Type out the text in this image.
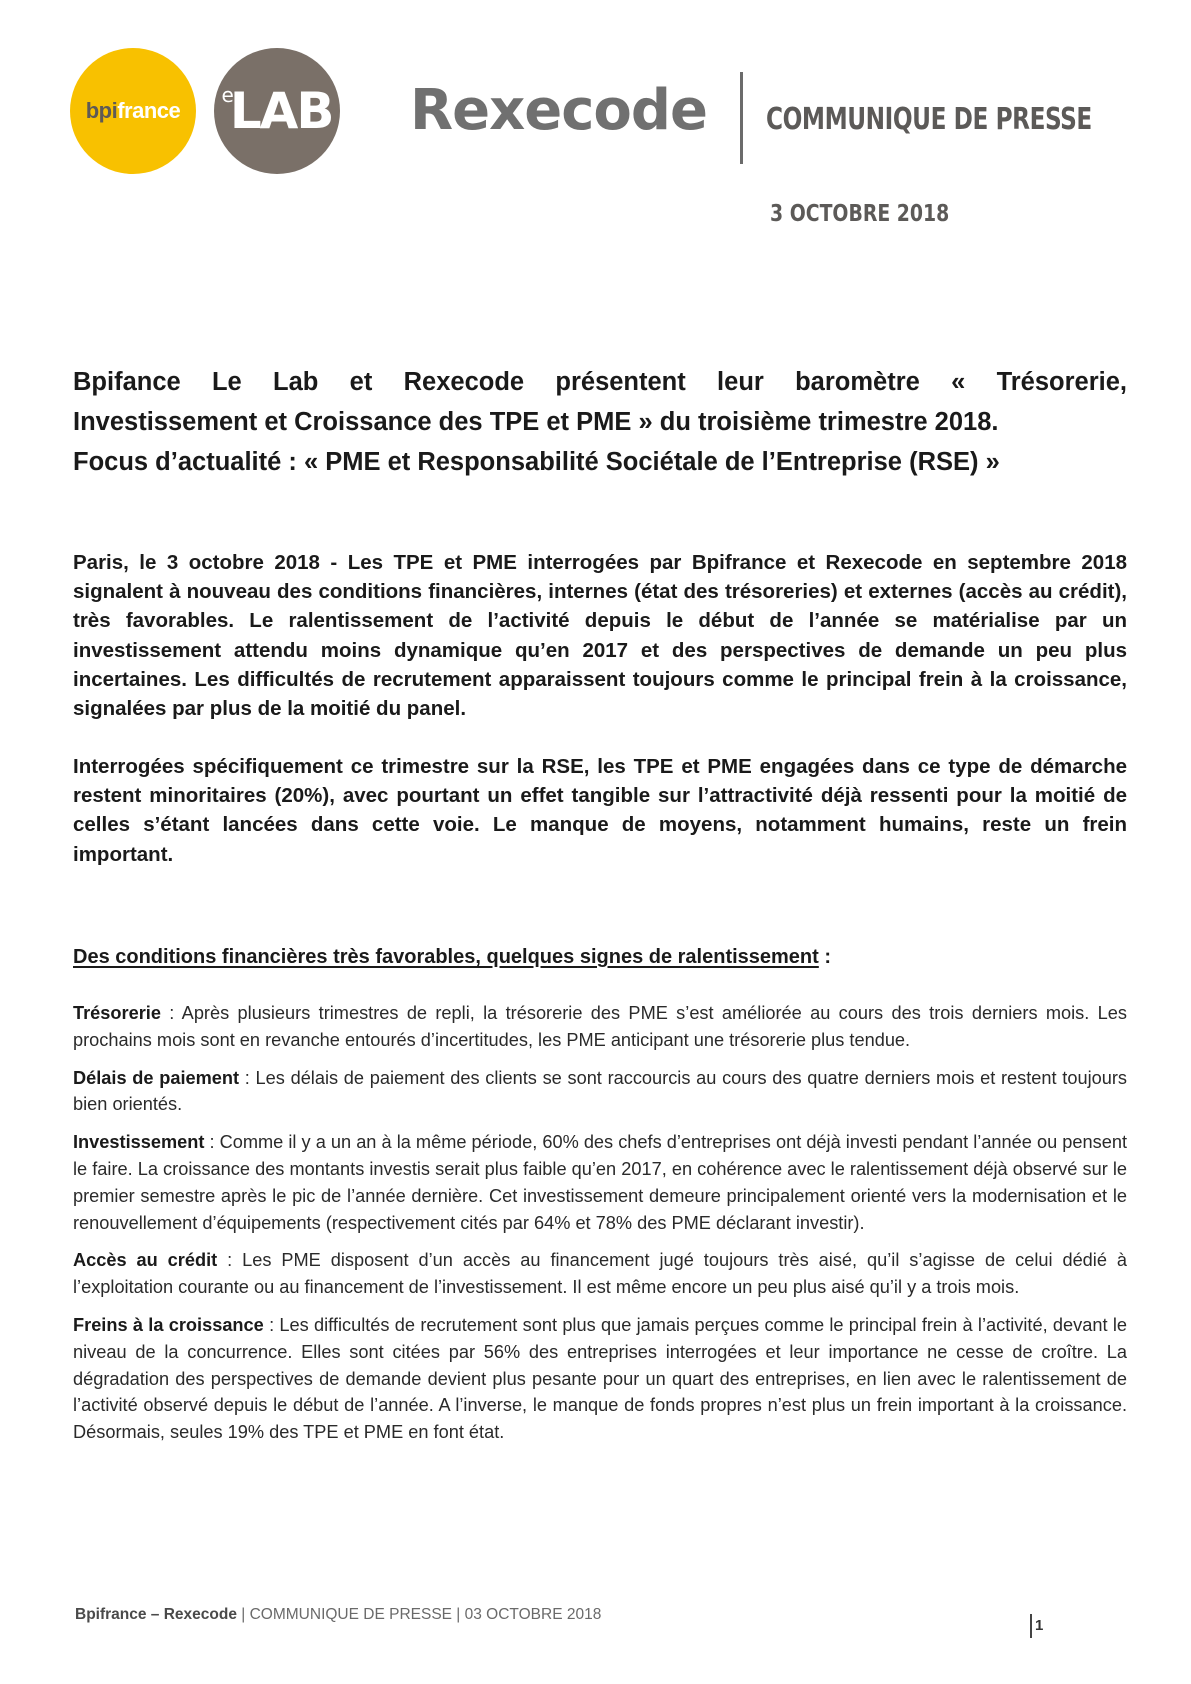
bpifrance
$^e$LAB Rexecode COMMUNIQUE DE PRESSE
3 OCTOBRE 2018
Bpifance Le Lab et Rexecode présentent leur baromètre « Trésorerie,
Investissement et Croissance des TPE et PME » du troisième trimestre 2018.
Focus d’actualité : « PME et Responsabilité Sociétale de l’Entreprise (RSE) »

Paris, le 3 octobre 2018 - Les TPE et PME interrogées par Bpifrance et Rexecode en septembre 2018 signalent à nouveau des conditions financières, internes (état des trésoreries) et externes (accès au crédit), très favorables. Le ralentissement de l’activité depuis le début de l’année se matérialise par un investissement attendu moins dynamique qu’en 2017 et des perspectives de demande un peu plus incertaines. Les difficultés de recrutement apparaissent toujours comme le principal frein à la croissance, signalées par plus de la moitié du panel.

Interrogées spécifiquement ce trimestre sur la RSE, les TPE et PME engagées dans ce type de démarche restent minoritaires (20%), avec pourtant un effet tangible sur l’attractivité déjà ressenti pour la moitié de celles s’étant lancées dans cette voie. Le manque de moyens, notamment humains, reste un frein important.

Des conditions financières très favorables, quelques signes de ralentissement :

Trésorerie : Après plusieurs trimestres de repli, la trésorerie des PME s’est améliorée au cours des trois derniers mois. Les prochains mois sont en revanche entourés d’incertitudes, les PME anticipant une trésorerie plus tendue.

Délais de paiement : Les délais de paiement des clients se sont raccourcis au cours des quatre derniers mois et restent toujours bien orientés.

Investissement : Comme il y a un an à la même période, 60% des chefs d’entreprises ont déjà investi pendant l’année ou pensent le faire. La croissance des montants investis serait plus faible qu’en 2017, en cohérence avec le ralentissement déjà observé sur le premier semestre après le pic de l’année dernière. Cet investissement demeure principalement orienté vers la modernisation et le renouvellement d’équipements (respectivement cités par 64% et 78% des PME déclarant investir).

Accès au crédit : Les PME disposent d’un accès au financement jugé toujours très aisé, qu’il s’agisse de celui dédié à l’exploitation courante ou au financement de l’investissement. Il est même encore un peu plus aisé qu’il y a trois mois.

Freins à la croissance : Les difficultés de recrutement sont plus que jamais perçues comme le principal frein à l’activité, devant le niveau de la concurrence. Elles sont citées par 56% des entreprises interrogées et leur importance ne cesse de croître. La dégradation des perspectives de demande devient plus pesante pour un quart des entreprises, en lien avec le ralentissement de l’activité observé depuis le début de l’année. A l’inverse, le manque de fonds propres n’est plus un frein important à la croissance. Désormais, seules 19% des TPE et PME en font état.

Bpifrance – Rexecode | COMMUNIQUE DE PRESSE | 03 OCTOBRE 2018
1
